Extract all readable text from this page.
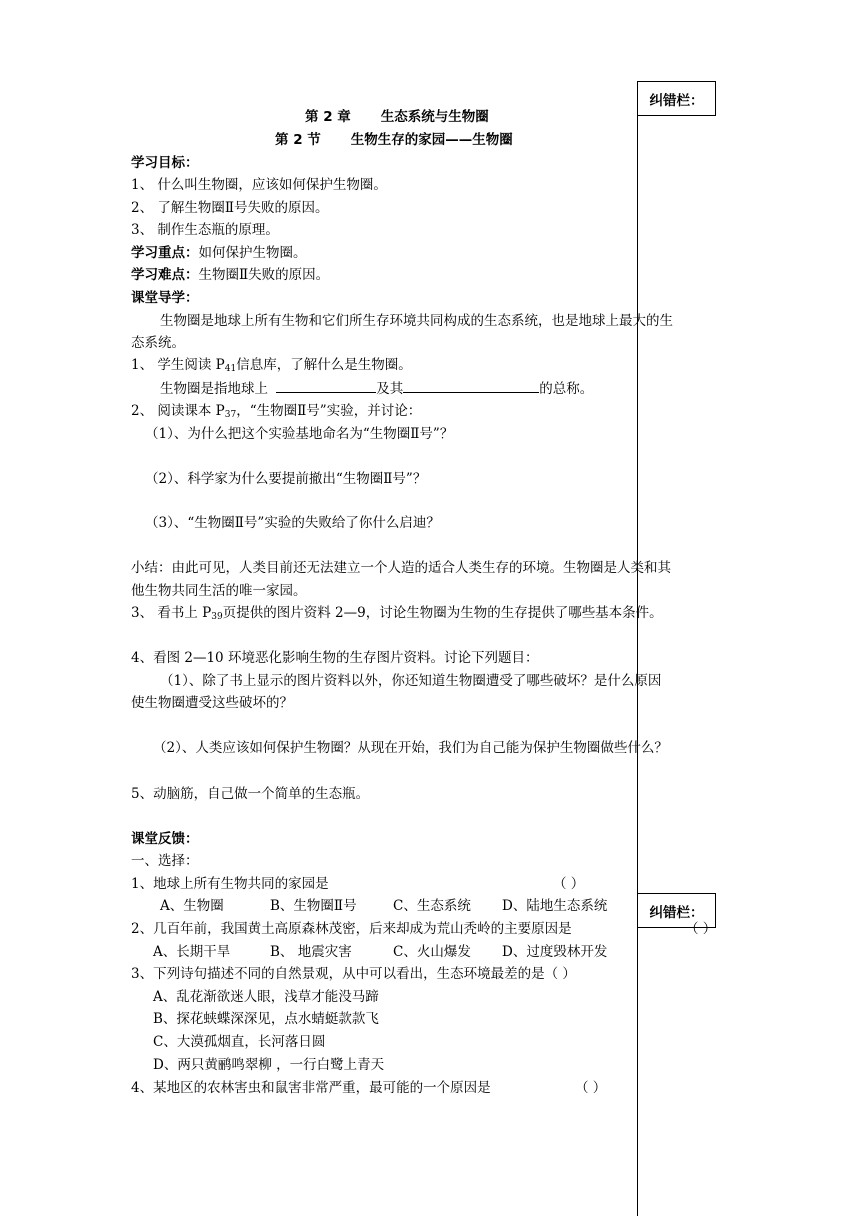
纠错栏：
纠错栏：
第 2 章 生态系统与生物圈
第 2 节 生物生存的家园——生物圈
学习目标：
1、 什么叫生物圈，应该如何保护生物圈。
2、 了解生物圈Ⅱ号失败的原因。
3、 制作生态瓶的原理。
学习重点：如何保护生物圈。
学习难点：生物圈Ⅱ失败的原因。
课堂导学：
生物圈是地球上所有生物和它们所生存环境共同构成的生态系统，也是地球上最大的生
态系统。
1、 学生阅读 $P_{41}$信息库，了解什么是生物圈。
生物圈是指地球上	及其	的总称。
2、 阅读课本 $P_{37}$，“生物圈Ⅱ号”实验，并讨论：
（1）、为什么把这个实验基地命名为“生物圈Ⅱ号”？
（2）、科学家为什么要提前撤出“生物圈Ⅱ号”？
（3）、“生物圈Ⅱ号”实验的失败给了你什么启迪？
小结：由此可见，人类目前还无法建立一个人造的适合人类生存的环境。生物圈是人类和其
他生物共同生活的唯一家园。
3、 看书上 $P_{39}$页提供的图片资料 2—9，讨论生物圈为生物的生存提供了哪些基本条件。
4、看图 2—10 环境恶化影响生物的生存图片资料。讨论下列题目：
（1）、除了书上显示的图片资料以外，你还知道生物圈遭受了哪些破坏？是什么原因
使生物圈遭受这些破坏的？
（2）、人类应该如何保护生物圈？从现在开始，我们为自己能为保护生物圈做些什么？
5、动脑筋，自己做一个简单的生态瓶。
课堂反馈：
一、选择：
1、地球上所有生物共同的家园是	（ ）
A、生物圈	B、生物圈Ⅱ号	C、生态系统 D、陆地生态系统
2、几百年前，我国黄土高原森林茂密，后来却成为荒山秃岭的主要原因是	（ ）
A、长期干旱	B、 地震灾害	C、火山爆发 D、过度毁林开发
3、下列诗句描述不同的自然景观，从中可以看出，生态环境最差的是（ ）
A、乱花渐欲迷人眼，浅草才能没马蹄
B、探花蛱蝶深深见，点水蜻蜓款款飞
C、大漠孤烟直，长河落日圆
D、两只黄鹂鸣翠柳 ，一行白鹭上青天
4、某地区的农林害虫和鼠害非常严重，最可能的一个原因是	（ ）
